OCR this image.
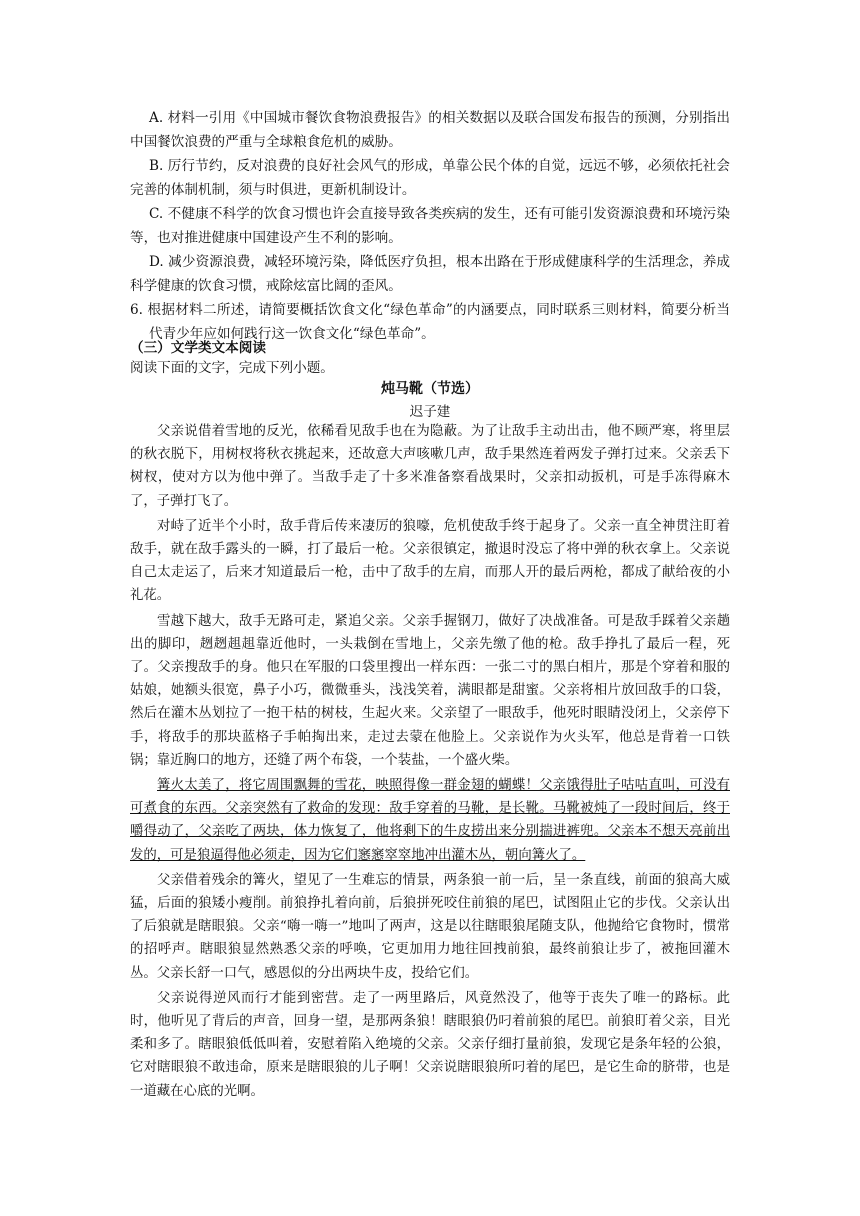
A. 材料一引用《中国城市餐饮食物浪费报告》的相关数据以及联合国发布报告的预测，分别指出中国餐饮浪费的严重与全球粮食危机的威胁。

B. 厉行节约，反对浪费的良好社会风气的形成，单靠公民个体的自觉，远远不够，必须依托社会完善的体制机制，须与时俱进，更新机制设计。

C. 不健康不科学的饮食习惯也许会直接导致各类疾病的发生，还有可能引发资源浪费和环境污染等，也对推进健康中国建设产生不利的影响。

D. 减少资源浪费，减轻环境污染，降低医疗负担，根本出路在于形成健康科学的生活理念，养成科学健康的饮食习惯，戒除炫富比阔的歪风。

6. 根据材料二所述，请简要概括饮食文化“绿色革命”的内涵要点，同时联系三则材料，简要分析当代青少年应如何践行这一饮食文化“绿色革命”。

（三）文学类文本阅读
阅读下面的文字，完成下列小题。
炖马靴（节选）
迟子建

父亲说借着雪地的反光，依稀看见敌手也在为隐蔽。为了让敌手主动出击，他不顾严寒，将里层的秋衣脱下，用树杈将秋衣挑起来，还故意大声咳嗽几声，敌手果然连着两发子弹打过来。父亲丢下树杈，使对方以为他中弹了。当敌手走了十多米准备察看战果时，父亲扣动扳机，可是手冻得麻木了，子弹打飞了。

对峙了近半个小时，敌手背后传来凄厉的狼嚎，危机使敌手终于起身了。父亲一直全神贯注盯着敌手，就在敌手露头的一瞬，打了最后一枪。父亲很镇定，撤退时没忘了将中弹的秋衣拿上。父亲说自己太走运了，后来才知道最后一枪，击中了敌手的左肩，而那人开的最后两枪，都成了献给夜的小礼花。

雪越下越大，敌手无路可走，紧追父亲。父亲手握钢刀，做好了决战准备。可是敌手踩着父亲趟出的脚印，趔趔趄趄靠近他时，一头栽倒在雪地上，父亲先缴了他的枪。敌手挣扎了最后一程，死了。父亲搜敌手的身。他只在军服的口袋里搜出一样东西：一张二寸的黑白相片，那是个穿着和服的姑娘，她额头很宽，鼻子小巧，微微垂头，浅浅笑着，满眼都是甜蜜。父亲将相片放回敌手的口袋，然后在灌木丛划拉了一抱干枯的树枝，生起火来。父亲望了一眼敌手，他死时眼睛没闭上，父亲停下手，将敌手的那块蓝格子手帕掏出来，走过去蒙在他脸上。父亲说作为火头军，他总是背着一口铁锅；靠近胸口的地方，还缝了两个布袋，一个装盐，一个盛火柴。

篝火太美了，将它周围飘舞的雪花，映照得像一群金翅的蝴蝶！父亲饿得肚子咕咕直叫，可没有可煮食的东西。父亲突然有了救命的发现：敌手穿着的马靴，是长靴。马靴被炖了一段时间后，终于嚼得动了，父亲吃了两块，体力恢复了，他将剩下的牛皮捞出来分别揣进裤兜。父亲本不想天亮前出发的，可是狼逼得他必须走，因为它们窸窸窣窣地冲出灌木丛，朝向篝火了。

父亲借着残余的篝火，望见了一生难忘的情景，两条狼一前一后，呈一条直线，前面的狼高大威猛，后面的狼矮小瘦削。前狼挣扎着向前，后狼拼死咬住前狼的尾巴，试图阻止它的步伐。父亲认出了后狼就是瞎眼狼。父亲“嗨一嗨一”地叫了两声，这是以往瞎眼狼尾随支队，他抛给它食物时，惯常的招呼声。瞎眼狼显然熟悉父亲的呼唤，它更加用力地往回拽前狼，最终前狼让步了，被拖回灌木丛。父亲长舒一口气，感恩似的分出两块牛皮，投给它们。

父亲说得逆风而行才能到密营。走了一两里路后，风竟然没了，他等于丧失了唯一的路标。此时，他听见了背后的声音，回身一望，是那两条狼！瞎眼狼仍叼着前狼的尾巴。前狼盯着父亲，目光柔和多了。瞎眼狼低低叫着，安慰着陷入绝境的父亲。父亲仔细打量前狼，发现它是条年轻的公狼，它对瞎眼狼不敢违命，原来是瞎眼狼的儿子啊！父亲说瞎眼狼所叼着的尾巴，是它生命的脐带，也是一道藏在心底的光啊。
